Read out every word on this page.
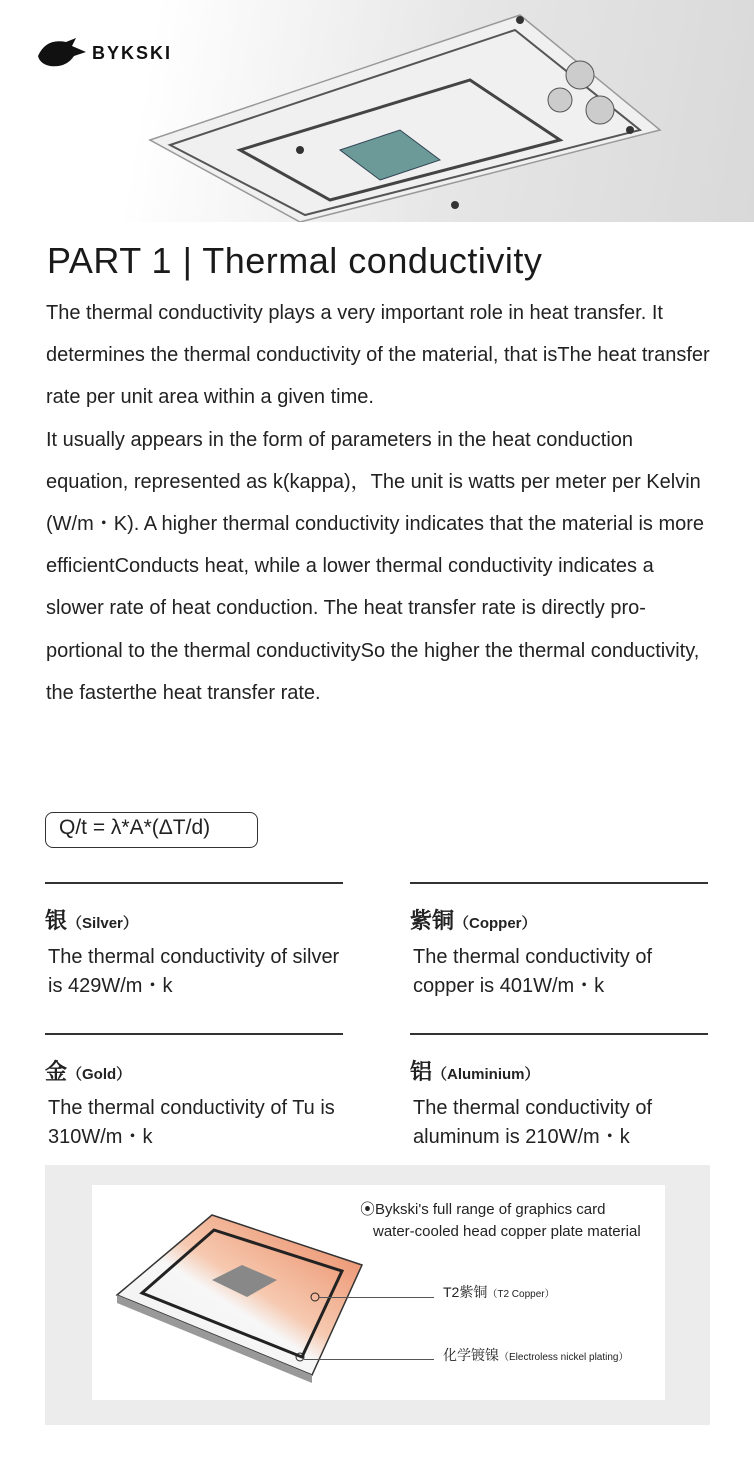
BYKSKI
PART 1 | Thermal conductivity

The thermal conductivity plays a very important role in heat transfer. It determines the thermal conductivity of the material, that isThe heat transfer rate per unit area within a given time.

It usually appears in the form of parameters in the heat conduction equation, represented as k(kappa)，The unit is watts per meter per Kelvin (W/m・K). A higher thermal conductivity indicates that the material is more efficientConducts heat, while a lower thermal conductivity indicates a slower rate of heat conduction. The heat transfer rate is directly pro-portional to the thermal conductivitySo the higher the thermal conductivity, the fasterthe heat transfer rate.

Q/t = λ*A*(ΔT/d)
银（Silver）
The thermal conductivity of silver is 429W/m・k
紫铜（Copper）
The thermal conductivity of copper is 401W/m・k
金（Gold）
The thermal conductivity of Tu is 310W/m・k
铝（Aluminium）
The thermal conductivity of aluminum is 210W/m・k
⦿Bykski's full range of graphics card
water-cooled head copper plate material
T2紫铜（T2 Copper）
化学镀镍（Electroless nickel plating）
